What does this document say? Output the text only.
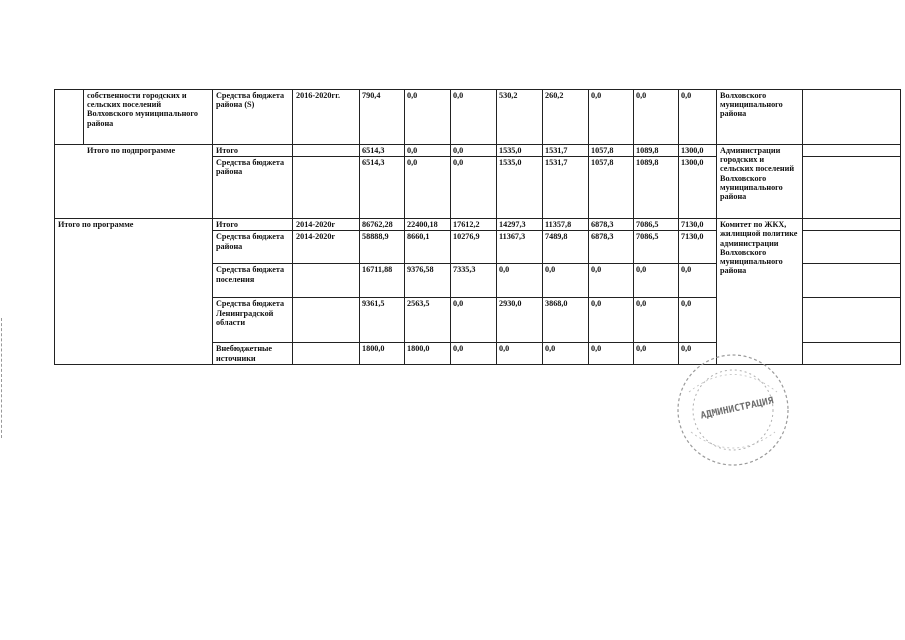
	собственности городских и сельских поселений Волховского муниципального района	Средства бюджета района (S)	2016-2020гг.	790,4	0,0	0,0	530,2	260,2	0,0	0,0	0,0	Волховского муниципального района	
Итого по подпрограмме		Итого		6514,3	0,0	0,0	1535,0	1531,7	1057,8	1089,8	1300,0	Администрации городских и сельских поселений Волховского муниципального района	
		Средства бюджета района		6514,3	0,0	0,0	1535,0	1531,7	1057,8	1089,8	1300,0		
Итого по программе		Итого	2014-2020г	86762,28	22400,18	17612,2	14297,3	11357,8	6878,3	7086,5	7130,0	Комитет по ЖКХ, жилищной политике администрации Волховского муниципального района	
		Средства бюджета района	2014-2020г	58888,9	8660,1	10276,9	11367,3	7489,8	6878,3	7086,5	7130,0		
		Средства бюджета поселения		16711,88	9376,58	7335,3	0,0	0,0	0,0	0,0	0,0		
		Средства бюджета Ленинградской области		9361,5	2563,5	0,0	2930,0	3868,0	0,0	0,0	0,0		
		Внебюджетные источники		1800,0	1800,0	0,0	0,0	0,0	0,0	0,0	0,0		
АДМИНИСТРАЦИЯ
